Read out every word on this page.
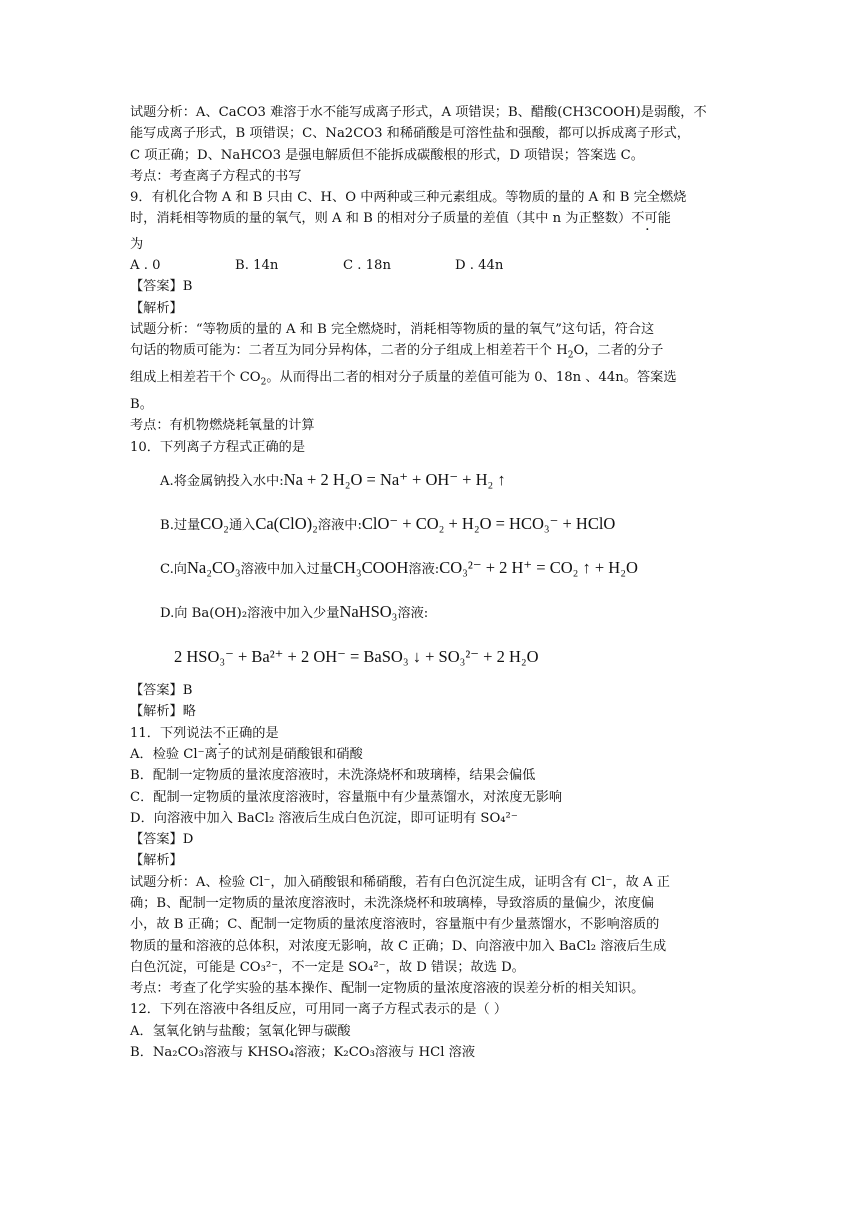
试题分析：A、CaCO3 难溶于水不能写成离子形式，A 项错误；B、醋酸(CH3COOH)是弱酸，不
能写成离子形式，B 项错误；C、Na2CO3 和稀硝酸是可溶性盐和强酸，都可以拆成离子形式，
C 项正确；D、NaHCO3 是强电解质但不能拆成碳酸根的形式，D 项错误；答案选 C。
考点：考查离子方程式的书写
9．有机化合物 A 和 B 只由 C、H、O 中两种或三种元素组成。等物质的量的 A 和 B 完全燃烧
时，消耗相等物质的量的氧气，则 A 和 B 的相对分子质量的差值（其中 n 为正整数）不可能
为
A . 0	B. 14n	C . 18n	D . 44n
【答案】B
【解析】
试题分析：“等物质的量的 A 和 B 完全燃烧时，消耗相等物质的量的氧气”这句话，符合这
句话的物质可能为：二者互为同分异构体，二者的分子组成上相差若干个 $H_2O$，二者的分子
组成上相差若干个 $CO_2$。从而得出二者的相对分子质量的差值可能为 0、18n 、44n。答案选
B。
考点：有机物燃烧耗氧量的计算
10．下列离子方程式正确的是
A.将金属钠投入水中:Na + 2 H₂O = Na⁺ + OH⁻ + H₂ ↑
B.过量CO₂通入Ca(ClO)₂溶液中:ClO⁻ + CO₂ + H₂O = HCO₃⁻ + HClO
C.向Na₂CO₃溶液中加入过量CH₃COOH溶液:CO₃²⁻ + 2 H⁺ = CO₂ ↑ + H₂O
D.向 Ba(OH)₂溶液中加入少量NaHSO₃溶液:
2 HSO₃⁻ + Ba²⁺ + 2 OH⁻ = BaSO₃ ↓ + SO₃²⁻ + 2 H₂O
【答案】B
【解析】略
11．下列说法不正确的是
A．检验 Cl⁻离子的试剂是硝酸银和硝酸
B．配制一定物质的量浓度溶液时，未洗涤烧杯和玻璃棒，结果会偏低
C．配制一定物质的量浓度溶液时，容量瓶中有少量蒸馏水，对浓度无影响
D．向溶液中加入 BaCl₂ 溶液后生成白色沉淀，即可证明有 SO₄²⁻
【答案】D
【解析】
试题分析：A、检验 Cl⁻，加入硝酸银和稀硝酸，若有白色沉淀生成，证明含有 Cl⁻，故 A 正
确；B、配制一定物质的量浓度溶液时，未洗涤烧杯和玻璃棒，导致溶质的量偏少，浓度偏
小，故 B 正确；C、配制一定物质的量浓度溶液时，容量瓶中有少量蒸馏水，不影响溶质的
物质的量和溶液的总体积，对浓度无影响，故 C 正确；D、向溶液中加入 BaCl₂ 溶液后生成
白色沉淀，可能是 CO₃²⁻，不一定是 SO₄²⁻，故 D 错误；故选 D。
考点：考查了化学实验的基本操作、配制一定物质的量浓度溶液的误差分析的相关知识。
12．下列在溶液中各组反应，可用同一离子方程式表示的是（ ）
A．氢氧化钠与盐酸；氢氧化钾与碳酸
B．Na₂CO₃溶液与 KHSO₄溶液；K₂CO₃溶液与 HCl 溶液
